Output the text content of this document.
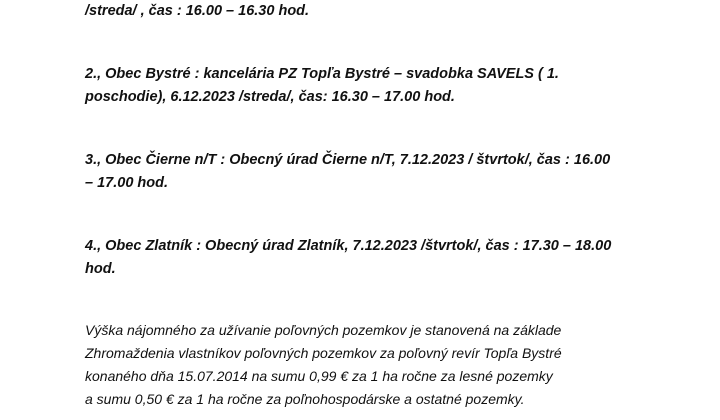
/streda/ , čas : 16.00 – 16.30 hod.
2., Obec Bystré : kancelária PZ Topľa Bystré – svadobka SAVELS ( 1.
poschodie), 6.12.2023 /streda/, čas: 16.30 – 17.00 hod.
3., Obec Čierne n/T : Obecný úrad Čierne n/T, 7.12.2023 / štvrtok/, čas : 16.00
– 17.00 hod.
4., Obec Zlatník : Obecný úrad Zlatník, 7.12.2023 /štvrtok/, čas : 17.30 – 18.00
hod.
Výška nájomného za užívanie poľovných pozemkov je stanovená na základe
Zhromaždenia vlastníkov poľovných pozemkov za poľovný revír Topľa Bystré
konaného dňa 15.07.2014 na sumu 0,99 € za 1 ha ročne za lesné pozemky
a sumu 0,50 € za 1 ha ročne za poľnohospodárske a ostatné pozemky.
